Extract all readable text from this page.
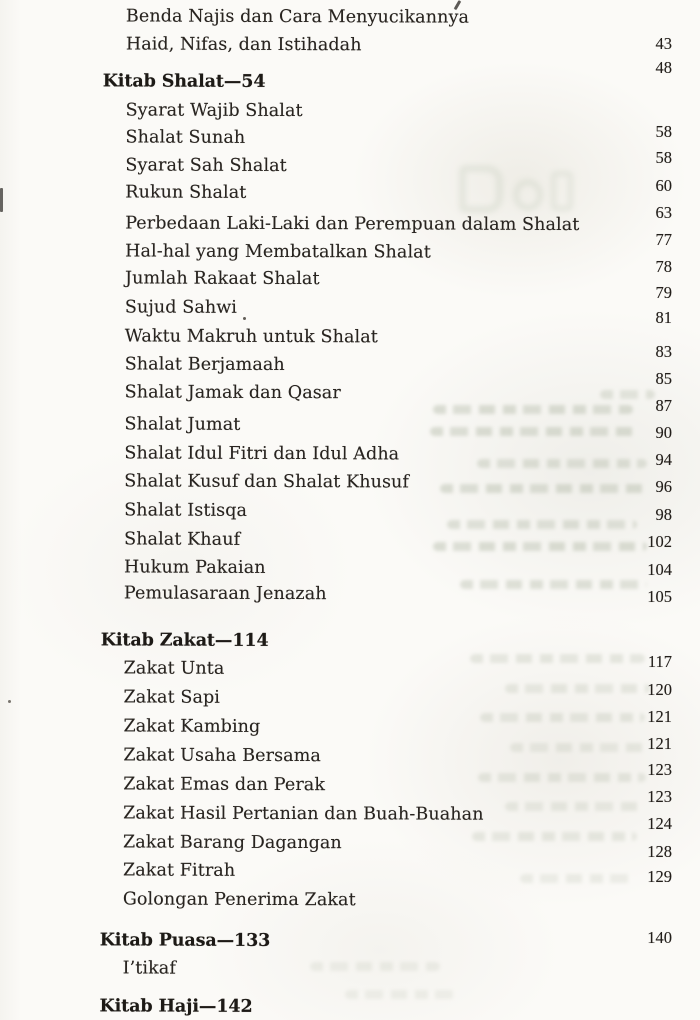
Benda Najis dan Cara Menyucikannya
Haid, Nifas, dan Istihadah
Kitab Shalat—54
Syarat Wajib Shalat
Shalat Sunah
Syarat Sah Shalat
Rukun Shalat
Perbedaan Laki-Laki dan Perempuan dalam Shalat
Hal-hal yang Membatalkan Shalat
Jumlah Rakaat Shalat
Sujud Sahwi
Waktu Makruh untuk Shalat
Shalat Berjamaah
Shalat Jamak dan Qasar
Shalat Jumat
Shalat Idul Fitri dan Idul Adha
Shalat Kusuf dan Shalat Khusuf
Shalat Istisqa
Shalat Khauf
Hukum Pakaian
Pemulasaraan Jenazah
Kitab Zakat—114
Zakat Unta
Zakat Sapi
Zakat Kambing
Zakat Usaha Bersama
Zakat Emas dan Perak
Zakat Hasil Pertanian dan Buah-Buahan
Zakat Barang Dagangan
Zakat Fitrah
Golongan Penerima Zakat
Kitab Puasa—133
I’tikaf
Kitab Haji—142
43
48
58
58
60
63
77
78
79
81
83
85
87
90
94
96
98
102
104
105
117
120
121
121
123
123
124
128
129
140
